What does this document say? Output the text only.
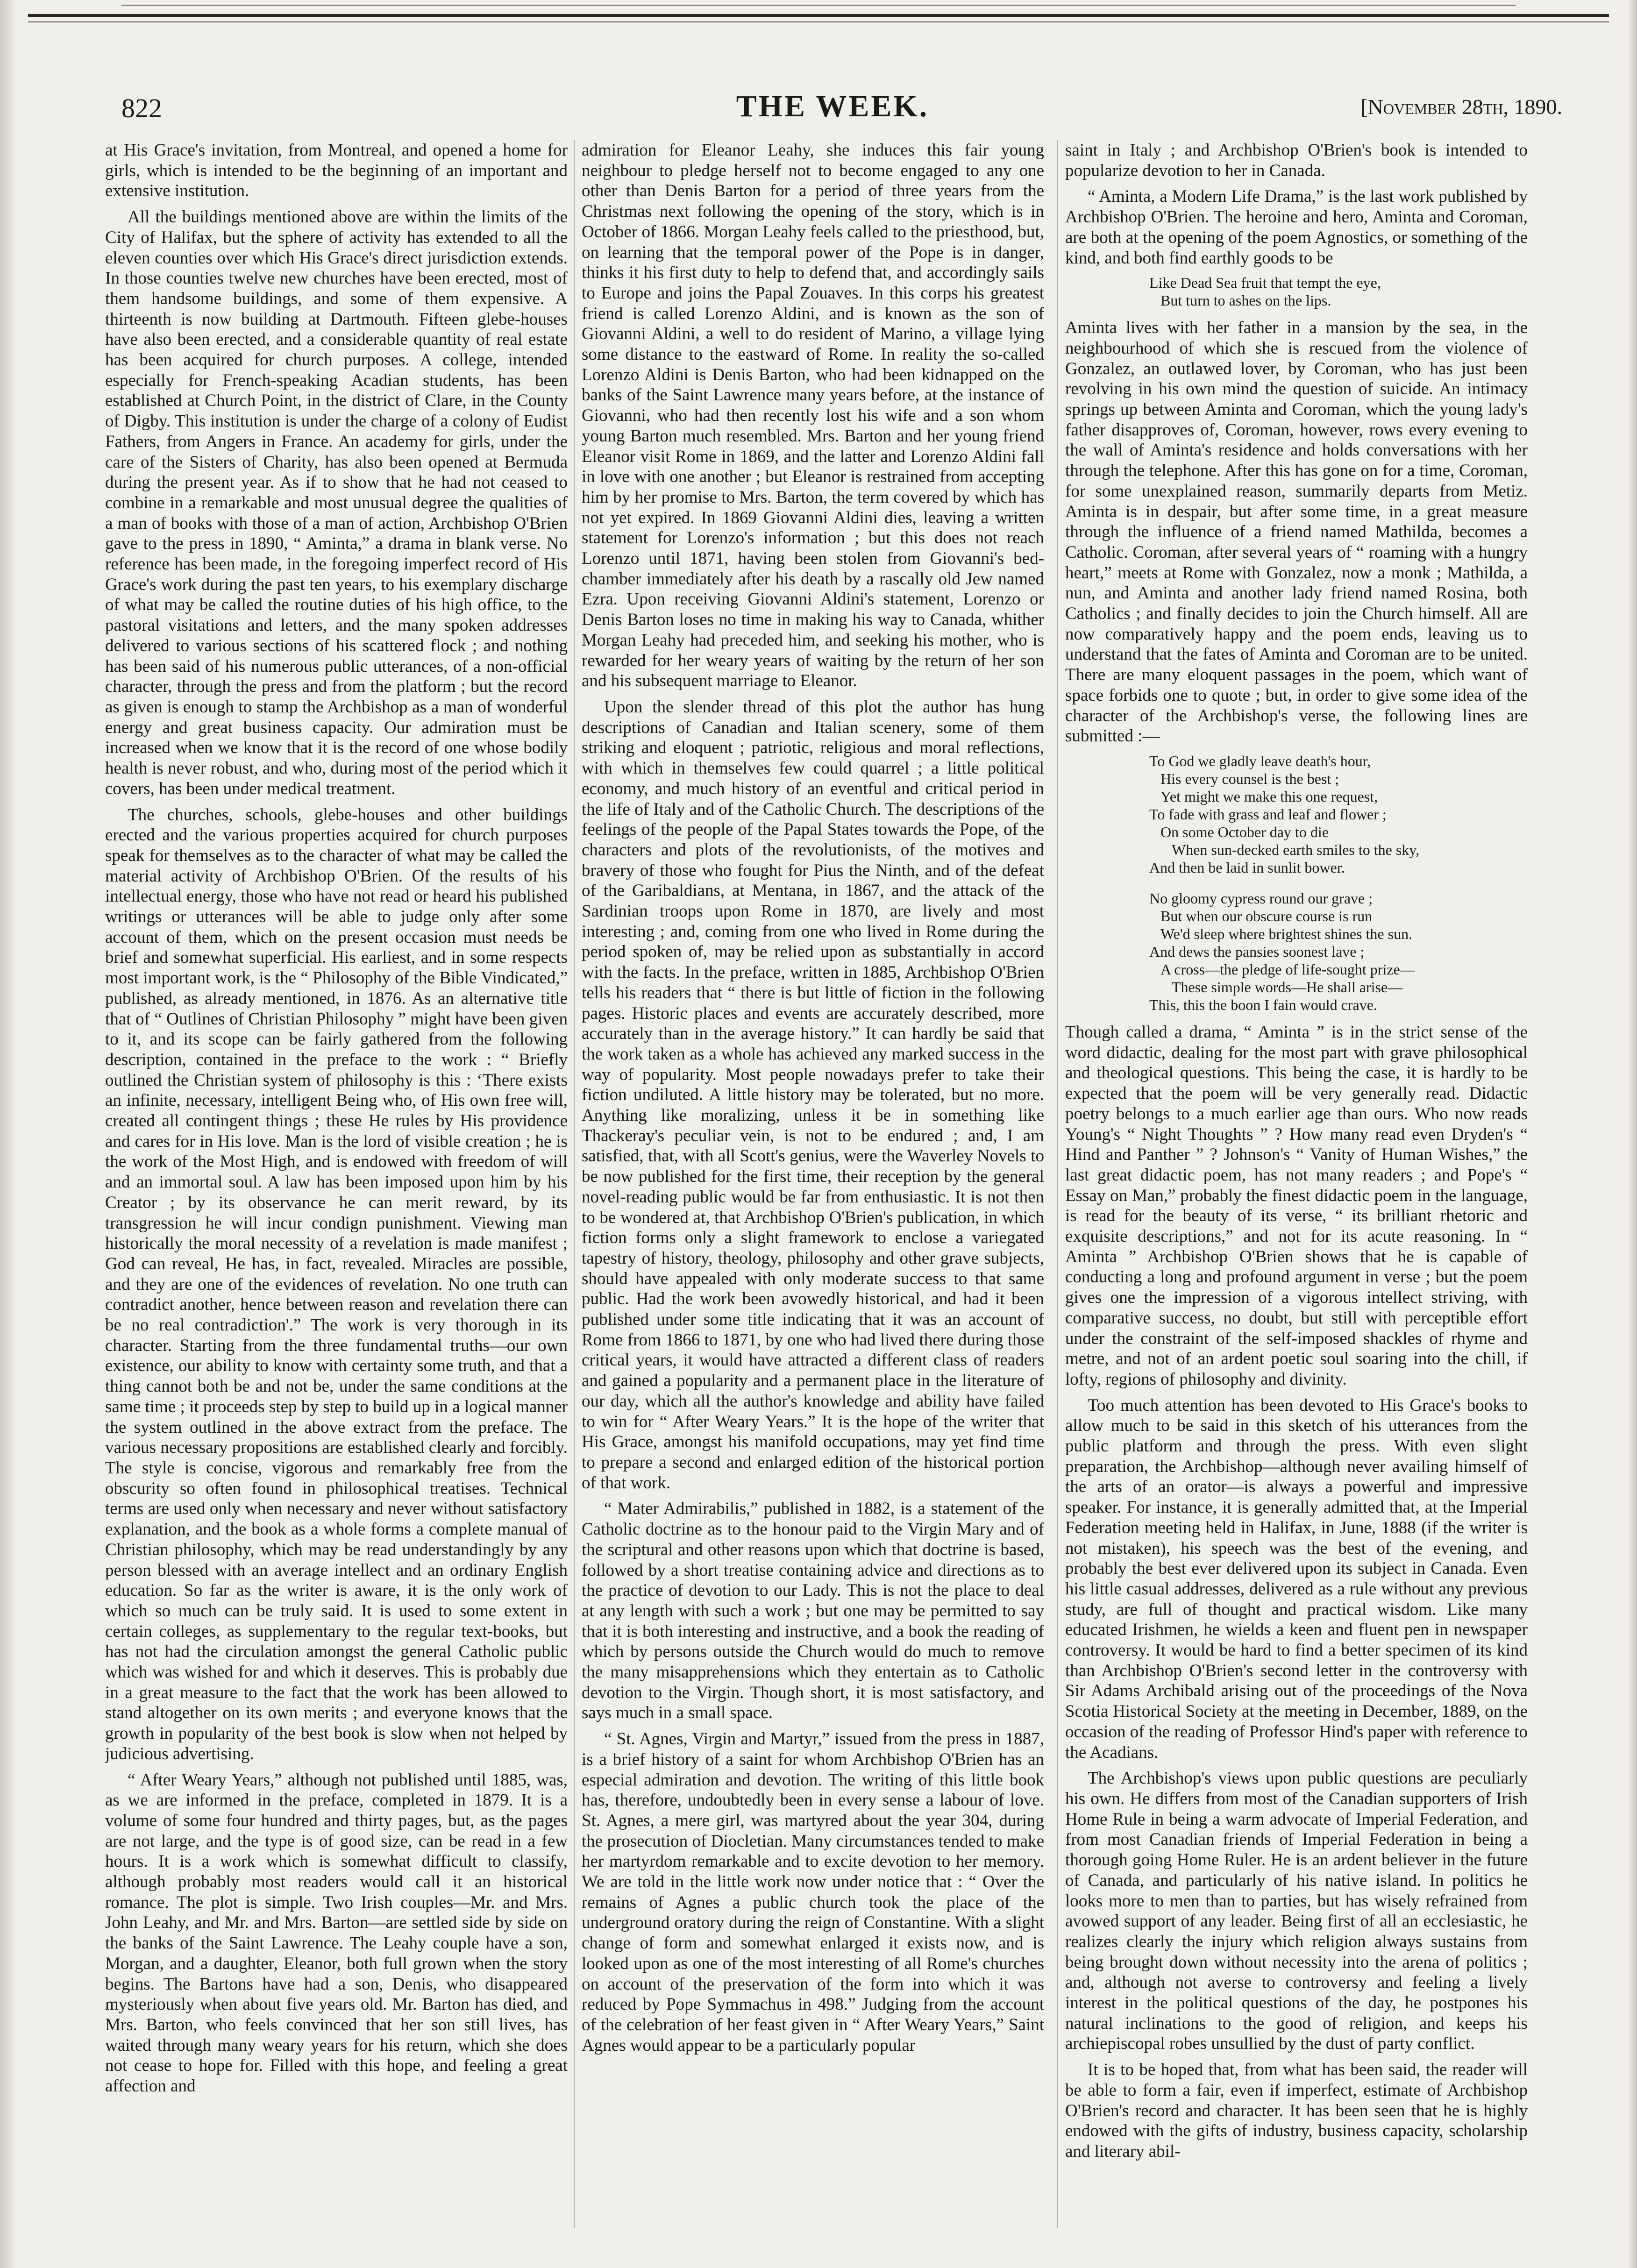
822	THE WEEK.	[November 28th, 1890.

at His Grace's invitation, from Montreal, and opened a home for girls, which is intended to be the beginning of an important and extensive institution.

All the buildings mentioned above are within the limits of the City of Halifax, but the sphere of activity has extended to all the eleven counties over which His Grace's direct jurisdiction extends. In those counties twelve new churches have been erected, most of them handsome buildings, and some of them expensive. A thirteenth is now building at Dartmouth. Fifteen glebe-houses have also been erected, and a considerable quantity of real estate has been acquired for church purposes. A college, intended especially for French-speaking Acadian students, has been established at Church Point, in the district of Clare, in the County of Digby. This institution is under the charge of a colony of Eudist Fathers, from Angers in France. An academy for girls, under the care of the Sisters of Charity, has also been opened at Bermuda during the present year. As if to show that he had not ceased to combine in a remarkable and most unusual degree the qualities of a man of books with those of a man of action, Archbishop O'Brien gave to the press in 1890, “ Aminta,” a drama in blank verse. No reference has been made, in the foregoing imperfect record of His Grace's work during the past ten years, to his exemplary discharge of what may be called the routine duties of his high office, to the pastoral visitations and letters, and the many spoken addresses delivered to various sections of his scattered flock ; and nothing has been said of his numerous public utterances, of a non-official character, through the press and from the platform ; but the record as given is enough to stamp the Archbishop as a man of wonderful energy and great business capacity. Our admiration must be increased when we know that it is the record of one whose bodily health is never robust, and who, during most of the period which it covers, has been under medical treatment.

The churches, schools, glebe-houses and other buildings erected and the various properties acquired for church purposes speak for themselves as to the character of what may be called the material activity of Archbishop O'Brien. Of the results of his intellectual energy, those who have not read or heard his published writings or utterances will be able to judge only after some account of them, which on the present occasion must needs be brief and somewhat superficial. His earliest, and in some respects most important work, is the “ Philosophy of the Bible Vindicated,” published, as already mentioned, in 1876. As an alternative title that of “ Outlines of Christian Philosophy ” might have been given to it, and its scope can be fairly gathered from the following description, contained in the preface to the work : “ Briefly outlined the Christian system of philosophy is this : ‘There exists an infinite, necessary, intelligent Being who, of His own free will, created all contingent things ; these He rules by His providence and cares for in His love. Man is the lord of visible creation ; he is the work of the Most High, and is endowed with freedom of will and an immortal soul. A law has been imposed upon him by his Creator ; by its observance he can merit reward, by its transgression he will incur condign punishment. Viewing man historically the moral necessity of a revelation is made manifest ; God can reveal, He has, in fact, revealed. Miracles are possible, and they are one of the evidences of revelation. No one truth can contradict another, hence between reason and revelation there can be no real contradiction'.” The work is very thorough in its character. Starting from the three fundamental truths—our own existence, our ability to know with certainty some truth, and that a thing cannot both be and not be, under the same conditions at the same time ; it proceeds step by step to build up in a logical manner the system outlined in the above extract from the preface. The various necessary propositions are established clearly and forcibly. The style is concise, vigorous and remarkably free from the obscurity so often found in philosophical treatises. Technical terms are used only when necessary and never without satisfactory explanation, and the book as a whole forms a complete manual of Christian philosophy, which may be read understandingly by any person blessed with an average intellect and an ordinary English education. So far as the writer is aware, it is the only work of which so much can be truly said. It is used to some extent in certain colleges, as supplementary to the regular text-books, but has not had the circulation amongst the general Catholic public which was wished for and which it deserves. This is probably due in a great measure to the fact that the work has been allowed to stand altogether on its own merits ; and everyone knows that the growth in popularity of the best book is slow when not helped by judicious advertising.

“ After Weary Years,” although not published until 1885, was, as we are informed in the preface, completed in 1879. It is a volume of some four hundred and thirty pages, but, as the pages are not large, and the type is of good size, can be read in a few hours. It is a work which is somewhat difficult to classify, although probably most readers would call it an historical romance. The plot is simple. Two Irish couples—Mr. and Mrs. John Leahy, and Mr. and Mrs. Barton—are settled side by side on the banks of the Saint Lawrence. The Leahy couple have a son, Morgan, and a daughter, Eleanor, both full grown when the story begins. The Bartons have had a son, Denis, who disappeared mysteriously when about five years old. Mr. Barton has died, and Mrs. Barton, who feels convinced that her son still lives, has waited through many weary years for his return, which she does not cease to hope for. Filled with this hope, and feeling a great affection and

admiration for Eleanor Leahy, she induces this fair young neighbour to pledge herself not to become engaged to any one other than Denis Barton for a period of three years from the Christmas next following the opening of the story, which is in October of 1866. Morgan Leahy feels called to the priesthood, but, on learning that the temporal power of the Pope is in danger, thinks it his first duty to help to defend that, and accordingly sails to Europe and joins the Papal Zouaves. In this corps his greatest friend is called Lorenzo Aldini, and is known as the son of Giovanni Aldini, a well to do resident of Marino, a village lying some distance to the eastward of Rome. In reality the so-called Lorenzo Aldini is Denis Barton, who had been kidnapped on the banks of the Saint Lawrence many years before, at the instance of Giovanni, who had then recently lost his wife and a son whom young Barton much resembled. Mrs. Barton and her young friend Eleanor visit Rome in 1869, and the latter and Lorenzo Aldini fall in love with one another ; but Eleanor is restrained from accepting him by her promise to Mrs. Barton, the term covered by which has not yet expired. In 1869 Giovanni Aldini dies, leaving a written statement for Lorenzo's information ; but this does not reach Lorenzo until 1871, having been stolen from Giovanni's bed-chamber immediately after his death by a rascally old Jew named Ezra. Upon receiving Giovanni Aldini's statement, Lorenzo or Denis Barton loses no time in making his way to Canada, whither Morgan Leahy had preceded him, and seeking his mother, who is rewarded for her weary years of waiting by the return of her son and his subsequent marriage to Eleanor.

Upon the slender thread of this plot the author has hung descriptions of Canadian and Italian scenery, some of them striking and eloquent ; patriotic, religious and moral reflections, with which in themselves few could quarrel ; a little political economy, and much history of an eventful and critical period in the life of Italy and of the Catholic Church. The descriptions of the feelings of the people of the Papal States towards the Pope, of the characters and plots of the revolutionists, of the motives and bravery of those who fought for Pius the Ninth, and of the defeat of the Garibaldians, at Mentana, in 1867, and the attack of the Sardinian troops upon Rome in 1870, are lively and most interesting ; and, coming from one who lived in Rome during the period spoken of, may be relied upon as substantially in accord with the facts. In the preface, written in 1885, Archbishop O'Brien tells his readers that “ there is but little of fiction in the following pages. Historic places and events are accurately described, more accurately than in the average history.” It can hardly be said that the work taken as a whole has achieved any marked success in the way of popularity. Most people nowadays prefer to take their fiction undiluted. A little history may be tolerated, but no more. Anything like moralizing, unless it be in something like Thackeray's peculiar vein, is not to be endured ; and, I am satisfied, that, with all Scott's genius, were the Waverley Novels to be now published for the first time, their reception by the general novel-reading public would be far from enthusiastic. It is not then to be wondered at, that Archbishop O'Brien's publication, in which fiction forms only a slight framework to enclose a variegated tapestry of history, theology, philosophy and other grave subjects, should have appealed with only moderate success to that same public. Had the work been avowedly historical, and had it been published under some title indicating that it was an account of Rome from 1866 to 1871, by one who had lived there during those critical years, it would have attracted a different class of readers and gained a popularity and a permanent place in the literature of our day, which all the author's knowledge and ability have failed to win for “ After Weary Years.” It is the hope of the writer that His Grace, amongst his manifold occupations, may yet find time to prepare a second and enlarged edition of the historical portion of that work.

“ Mater Admirabilis,” published in 1882, is a statement of the Catholic doctrine as to the honour paid to the Virgin Mary and of the scriptural and other reasons upon which that doctrine is based, followed by a short treatise containing advice and directions as to the practice of devotion to our Lady. This is not the place to deal at any length with such a work ; but one may be permitted to say that it is both interesting and instructive, and a book the reading of which by persons outside the Church would do much to remove the many misapprehensions which they entertain as to Catholic devotion to the Virgin. Though short, it is most satisfactory, and says much in a small space.

“ St. Agnes, Virgin and Martyr,” issued from the press in 1887, is a brief history of a saint for whom Archbishop O'Brien has an especial admiration and devotion. The writing of this little book has, therefore, undoubtedly been in every sense a labour of love. St. Agnes, a mere girl, was martyred about the year 304, during the prosecution of Diocletian. Many circumstances tended to make her martyrdom remarkable and to excite devotion to her memory. We are told in the little work now under notice that : “ Over the remains of Agnes a public church took the place of the underground oratory during the reign of Constantine. With a slight change of form and somewhat enlarged it exists now, and is looked upon as one of the most interesting of all Rome's churches on account of the preservation of the form into which it was reduced by Pope Symmachus in 498.” Judging from the account of the celebration of her feast given in “ After Weary Years,” Saint Agnes would appear to be a particularly popular

saint in Italy ; and Archbishop O'Brien's book is intended to popularize devotion to her in Canada.

“ Aminta, a Modern Life Drama,” is the last work published by Archbishop O'Brien. The heroine and hero, Aminta and Coroman, are both at the opening of the poem Agnostics, or something of the kind, and both find earthly goods to be

Like Dead Sea fruit that tempt the eye,
But turn to ashes on the lips.

Aminta lives with her father in a mansion by the sea, in the neighbourhood of which she is rescued from the violence of Gonzalez, an outlawed lover, by Coroman, who has just been revolving in his own mind the question of suicide. An intimacy springs up between Aminta and Coroman, which the young lady's father disapproves of, Coroman, however, rows every evening to the wall of Aminta's residence and holds conversations with her through the telephone. After this has gone on for a time, Coroman, for some unexplained reason, summarily departs from Metiz. Aminta is in despair, but after some time, in a great measure through the influence of a friend named Mathilda, becomes a Catholic. Coroman, after several years of “ roaming with a hungry heart,” meets at Rome with Gonzalez, now a monk ; Mathilda, a nun, and Aminta and another lady friend named Rosina, both Catholics ; and finally decides to join the Church himself. All are now comparatively happy and the poem ends, leaving us to understand that the fates of Aminta and Coroman are to be united. There are many eloquent passages in the poem, which want of space forbids one to quote ; but, in order to give some idea of the character of the Archbishop's verse, the following lines are submitted :—

To God we gladly leave death's hour,
His every counsel is the best ;
Yet might we make this one request,
To fade with grass and leaf and flower ;
On some October day to die
When sun-decked earth smiles to the sky,
And then be laid in sunlit bower.
No gloomy cypress round our grave ;
But when our obscure course is run
We'd sleep where brightest shines the sun.
And dews the pansies soonest lave ;
A cross—the pledge of life-sought prize—
These simple words—He shall arise—
This, this the boon I fain would crave.

Though called a drama, “ Aminta ” is in the strict sense of the word didactic, dealing for the most part with grave philosophical and theological questions. This being the case, it is hardly to be expected that the poem will be very generally read. Didactic poetry belongs to a much earlier age than ours. Who now reads Young's “ Night Thoughts ” ? How many read even Dryden's “ Hind and Panther ” ? Johnson's “ Vanity of Human Wishes,” the last great didactic poem, has not many readers ; and Pope's “ Essay on Man,” probably the finest didactic poem in the language, is read for the beauty of its verse, “ its brilliant rhetoric and exquisite descriptions,” and not for its acute reasoning. In “ Aminta ” Archbishop O'Brien shows that he is capable of conducting a long and profound argument in verse ; but the poem gives one the impression of a vigorous intellect striving, with comparative success, no doubt, but still with perceptible effort under the constraint of the self-imposed shackles of rhyme and metre, and not of an ardent poetic soul soaring into the chill, if lofty, regions of philosophy and divinity.

Too much attention has been devoted to His Grace's books to allow much to be said in this sketch of his utterances from the public platform and through the press. With even slight preparation, the Archbishop—although never availing himself of the arts of an orator—is always a powerful and impressive speaker. For instance, it is generally admitted that, at the Imperial Federation meeting held in Halifax, in June, 1888 (if the writer is not mistaken), his speech was the best of the evening, and probably the best ever delivered upon its subject in Canada. Even his little casual addresses, delivered as a rule without any previous study, are full of thought and practical wisdom. Like many educated Irishmen, he wields a keen and fluent pen in newspaper controversy. It would be hard to find a better specimen of its kind than Archbishop O'Brien's second letter in the controversy with Sir Adams Archibald arising out of the proceedings of the Nova Scotia Historical Society at the meeting in December, 1889, on the occasion of the reading of Professor Hind's paper with reference to the Acadians.

The Archbishop's views upon public questions are peculiarly his own. He differs from most of the Canadian supporters of Irish Home Rule in being a warm advocate of Imperial Federation, and from most Canadian friends of Imperial Federation in being a thorough going Home Ruler. He is an ardent believer in the future of Canada, and particularly of his native island. In politics he looks more to men than to parties, but has wisely refrained from avowed support of any leader. Being first of all an ecclesiastic, he realizes clearly the injury which religion always sustains from being brought down without necessity into the arena of politics ; and, although not averse to controversy and feeling a lively interest in the political questions of the day, he postpones his natural inclinations to the good of religion, and keeps his archiepiscopal robes unsullied by the dust of party conflict.

It is to be hoped that, from what has been said, the reader will be able to form a fair, even if imperfect, estimate of Archbishop O'Brien's record and character. It has been seen that he is highly endowed with the gifts of industry, business capacity, scholarship and literary abil-
